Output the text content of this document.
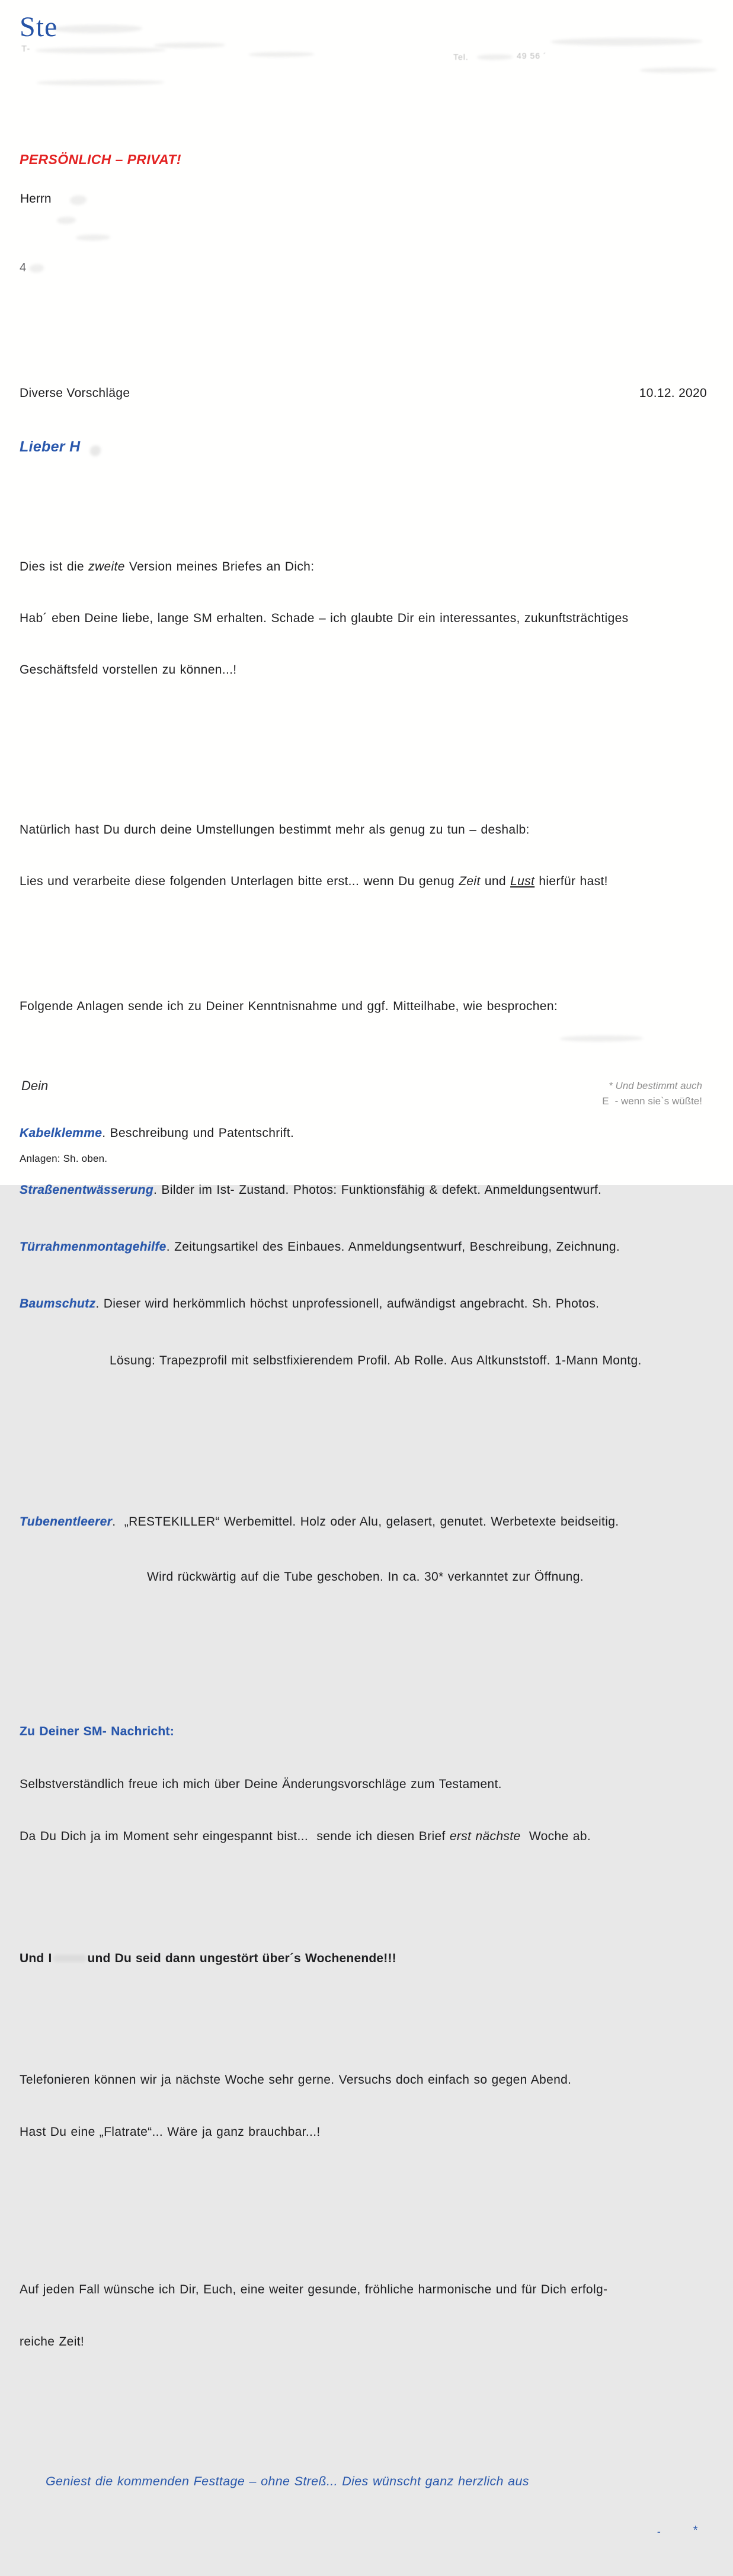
Ste
T-
Tel.	49 56 ´
PERSÖNLICH – PRIVAT!
Herrn
4
Diverse Vorschläge	10.12. 2020
Lieber H

Dies ist die zweite Version meines Briefes an Dich:

Hab´ eben Deine liebe, lange SM erhalten. Schade – ich glaubte Dir ein interessantes, zukunftsträchtiges

Geschäftsfeld vorstellen zu können...!

Natürlich hast Du durch deine Umstellungen bestimmt mehr als genug zu tun – deshalb:

Lies und verarbeite diese folgenden Unterlagen bitte erst... wenn Du genug Zeit und Lust hierfür hast!

Folgende Anlagen sende ich zu Deiner Kenntnisnahme und ggf. Mitteilhabe, wie besprochen:

Kabelklemme. Beschreibung und Patentschrift.

Straßenentwässerung. Bilder im Ist- Zustand. Photos: Funktionsfähig & defekt. Anmeldungsentwurf.

Türrahmenmontagehilfe. Zeitungsartikel des Einbaues. Anmeldungsentwurf, Beschreibung, Zeichnung.

Baumschutz. Dieser wird herkömmlich höchst unprofessionell, aufwändigst angebracht. Sh. Photos.

Lösung: Trapezprofil mit selbstfixierendem Profil. Ab Rolle. Aus Altkunststoff. 1-Mann Montg.

Tubenentleerer.  „RESTEKILLER“ Werbemittel. Holz oder Alu, gelasert, genutet. Werbetexte beidseitig.

Wird rückwärtig auf die Tube geschoben. In ca. 30* verkanntet zur Öffnung.

Zu Deiner SM- Nachricht:

Selbstverständlich freue ich mich über Deine Änderungsvorschläge zum Testament.

Da Du Dich ja im Moment sehr eingespannt bist...  sende ich diesen Brief erst nächste  Woche ab.

Und I	und Du seid dann ungestört über´s Wochenende!!!

Telefonieren können wir ja nächste Woche sehr gerne. Versuchs doch einfach so gegen Abend.

Hast Du eine „Flatrate“... Wäre ja ganz brauchbar...!

Auf jeden Fall wünsche ich Dir, Euch, eine weiter gesunde, fröhliche harmonische und für Dich erfolg-

reiche Zeit!

Geniest die kommenden Festtage – ohne Streß... Dies wünscht ganz herzlich aus

-

	*

Dein	* Und bestimmt auch
E - wenn sie`s wüßte!
Anlagen: Sh. oben.
